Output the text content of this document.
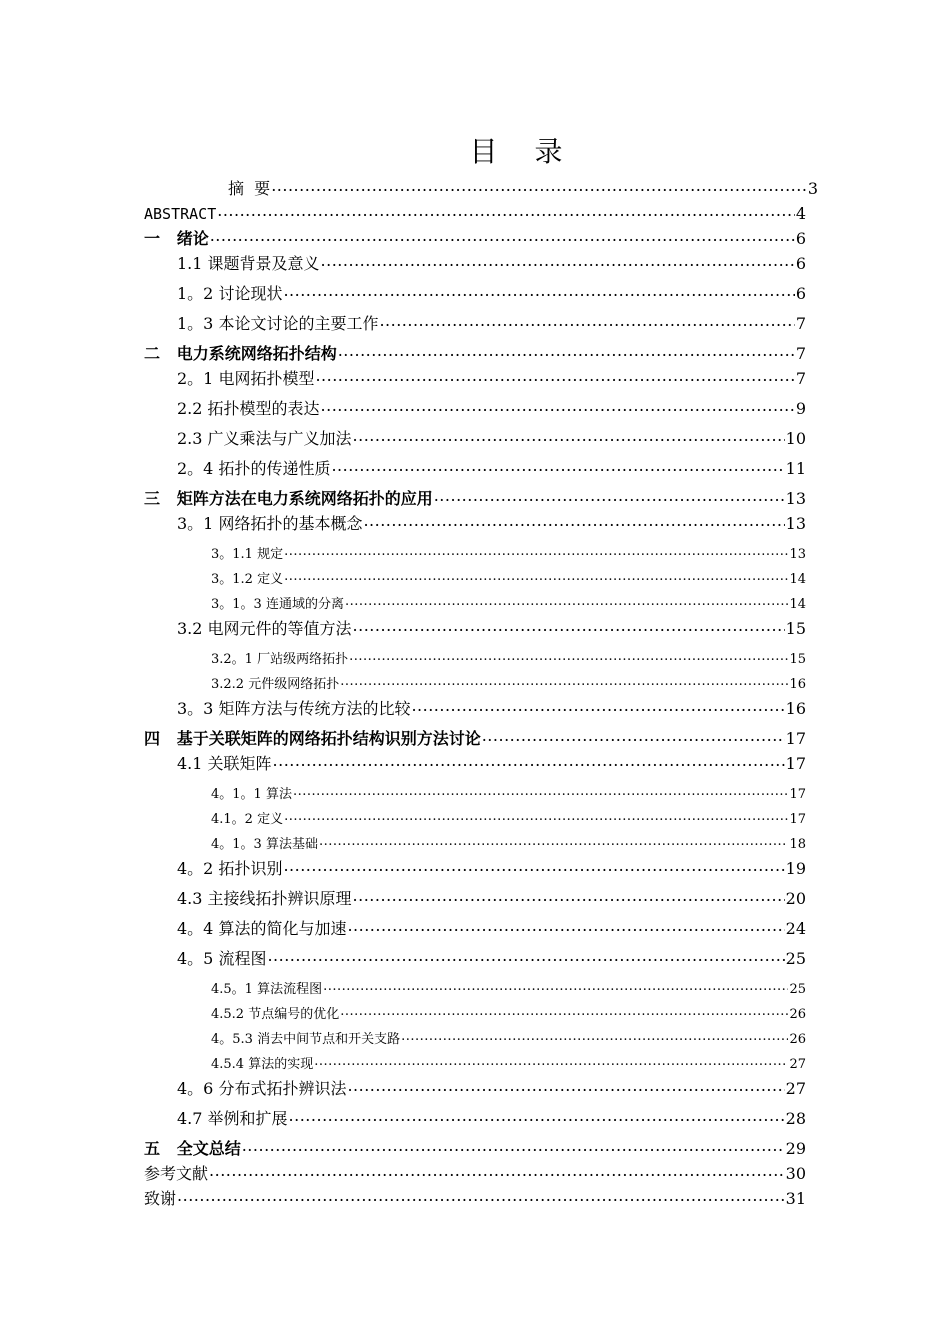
目 录
摘  要 .....	3
ABSTRACT .....	4
一   绪论 .....	6
1.1 课题背景及意义 .....	6
1。2 讨论现状 .....	6
1。3 本论文讨论的主要工作 .....	7
二   电力系统网络拓扑结构 .....	7
2。1 电网拓扑模型 .....	7
2.2 拓扑模型的表达 .....	9
2.3 广义乘法与广义加法 .....	10
2。4 拓扑的传递性质 .....	11
三   矩阵方法在电力系统网络拓扑的应用 .....	13
3。1 网络拓扑的基本概念 .....	13
3。1.1 规定 .....	13
3。1.2 定义 .....	14
3。1。3 连通域的分离 .....	14
3.2 电网元件的等值方法 .....	15
3.2。1 厂站级两络拓扑 .....	15
3.2.2 元件级网络拓扑 .....	16
3。3 矩阵方法与传统方法的比较 .....	16
四   基于关联矩阵的网络拓扑结构识别方法讨论 .....	17
4.1 关联矩阵 .....	17
4。1。1 算法 .....	17
4.1。2 定义 .....	17
4。1。3 算法基础 .....	18
4。2 拓扑识别 .....	19
4.3 主接线拓扑辨识原理 .....	20
4。4 算法的简化与加速 .....	24
4。5 流程图 .....	25
4.5。1 算法流程图 .....	25
4.5.2 节点编号的优化 .....	26
4。5.3 消去中间节点和开关支路 .....	26
4.5.4 算法的实现 .....	27
4。6 分布式拓扑辨识法 .....	27
4.7 举例和扩展 .....	28
五   全文总结 .....	29
参考文献 .....	30
致谢 .....	31
